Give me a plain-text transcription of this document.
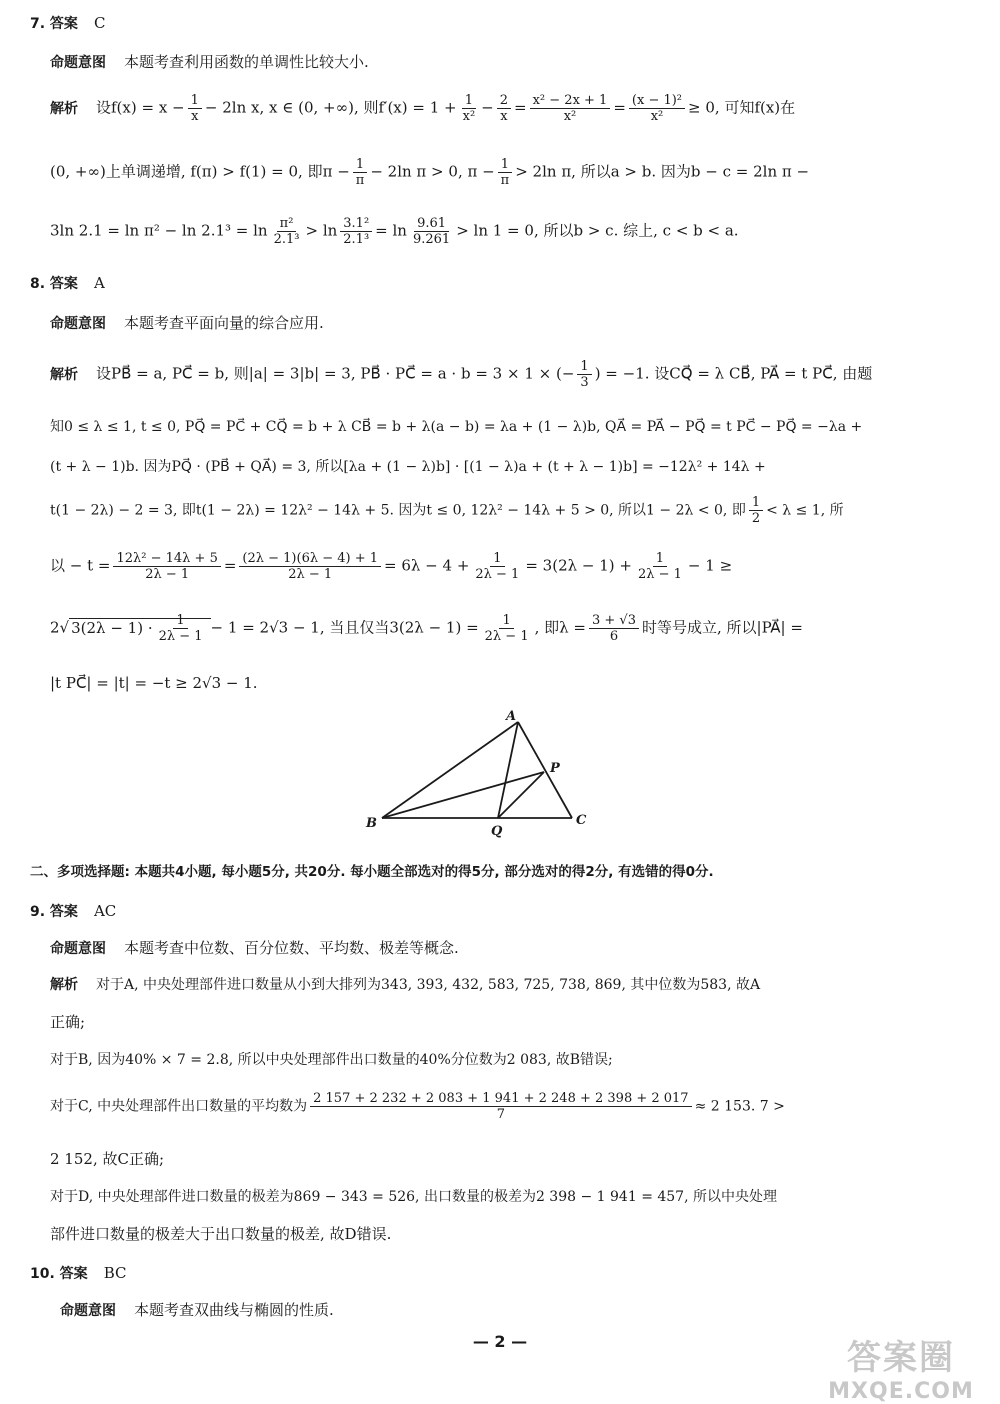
7. 答案 C
命题意图 本题考查利用函数的单调性比较大小.
解析 设$f(x) = x - \frac{1}{x} - 2\ln$ x, x ∈ (0, +∞), 则$f'(x) = 1 + \frac{1}{\text{x²}} - \frac{2}{x} = \frac{\text{x² − 2x + 1}}{\text{x²}} = \frac{\text{(x − 1)²}}{\text{x²}} \ge 0$, 可知f(x)在
(0, +∞)上单调递增, f(π) > f(1) = 0, 即$\pi - \frac{1}{\pi} - 2\ln$ π > 0, $\pi - \frac{1}{\pi} > 2\ln$ π, 所以a > b. 因为b − c = 2ln π −
3ln $2.1 = \ln \pi^2 - \ln 2.1^3 = \ln \frac{\text{π²}}{\text{2.1³}} > \ln \frac{\text{3.1²}}{\text{2.1³}} = \ln \frac{9.61}{9.261} > \ln 1 = 0$, 所以b > c. 综上, c < b < a.
8. 答案 A
命题意图 本题考查平面向量的综合应用.
解析 设PB⃗ = a, PC⃗ = b, 则|a| = 3|b| = 3, PB⃗ · PC⃗ = a · b = 3 × 1 × (− $\frac{1}{3}$ ) = −1. 设CQ⃗ = λ CB⃗, PA⃗ = t PC⃗, 由题
知0 ≤ λ ≤ 1, t ≤ 0, PQ⃗ = PC⃗ + CQ⃗ = b + λ CB⃗ = b + λ(a − b) = λa + (1 − λ)b, QA⃗ = PA⃗ − PQ⃗ = t PC⃗ − PQ⃗ = −λa +
(t + λ − 1)b. 因为PQ⃗ · (PB⃗ + QA⃗) = 3, 所以[λa + (1 − λ)b] · [(1 − λ)a + (t + λ − 1)b] = −12λ² + 14λ +
t(1 − 2λ) − 2 = 3, 即t(1 − 2λ) = 12λ² − 14λ + 5. 因为t ≤ 0, 12λ² − 14λ + 5 > 0, 所以1 − 2λ < 0, 即 $\frac{1}{2} < \lambda \le 1$, 所
以 − $t = \frac{\text{12λ² − 14λ + 5}}{2\lambda - 1} = \frac{(2\lambda - 1)(6\lambda - 4) + 1}{2\lambda - 1} = 6\lambda - 4 + \frac{1}{2\lambda - 1} = 3(2\lambda - 1) + \frac{1}{2\lambda - 1} - 1$ ≥
2√ $3(2\lambda - 1) \cdot \frac{1}{2\lambda - 1} - 1 = 2√3 - 1$, 当且仅当$3(2\lambda - 1) = \frac{1}{2\lambda - 1}$ , 即$\lambda = \frac{3 + √3}{6}$ 时等号成立, 所以|PA⃗| =
|t PC⃗| = |t| = −t ≥ 2√3 − 1.
A
B	C
P
Q
二、多项选择题: 本题共4小题, 每小题5分, 共20分. 每小题全部选对的得5分, 部分选对的得2分, 有选错的得0分.
9. 答案 AC
命题意图 本题考查中位数、百分位数、平均数、极差等概念.
解析 对于A, 中央处理部件进口数量从小到大排列为343, 393, 432, 583, 725, 738, 869, 其中位数为583, 故A
正确;
对于B, 因为40% × 7 = 2.8, 所以中央处理部件出口数量的40%分位数为2 083, 故B错误;
对于C, 中央处理部件出口数量的平均数为 $\frac{2 157 + 2 232 + 2 083 + 1 941 + 2 248 + 2 398 + 2 017}{7} \approx 2$ 153. 7 >
2 152, 故C正确;
对于D, 中央处理部件进口数量的极差为869 − 343 = 526, 出口数量的极差为2 398 − 1 941 = 457, 所以中央处理
部件进口数量的极差大于出口数量的极差, 故D错误.
10. 答案 BC
命题意图 本题考查双曲线与椭圆的性质.
— 2 —	答案圈
MXQE.COM
